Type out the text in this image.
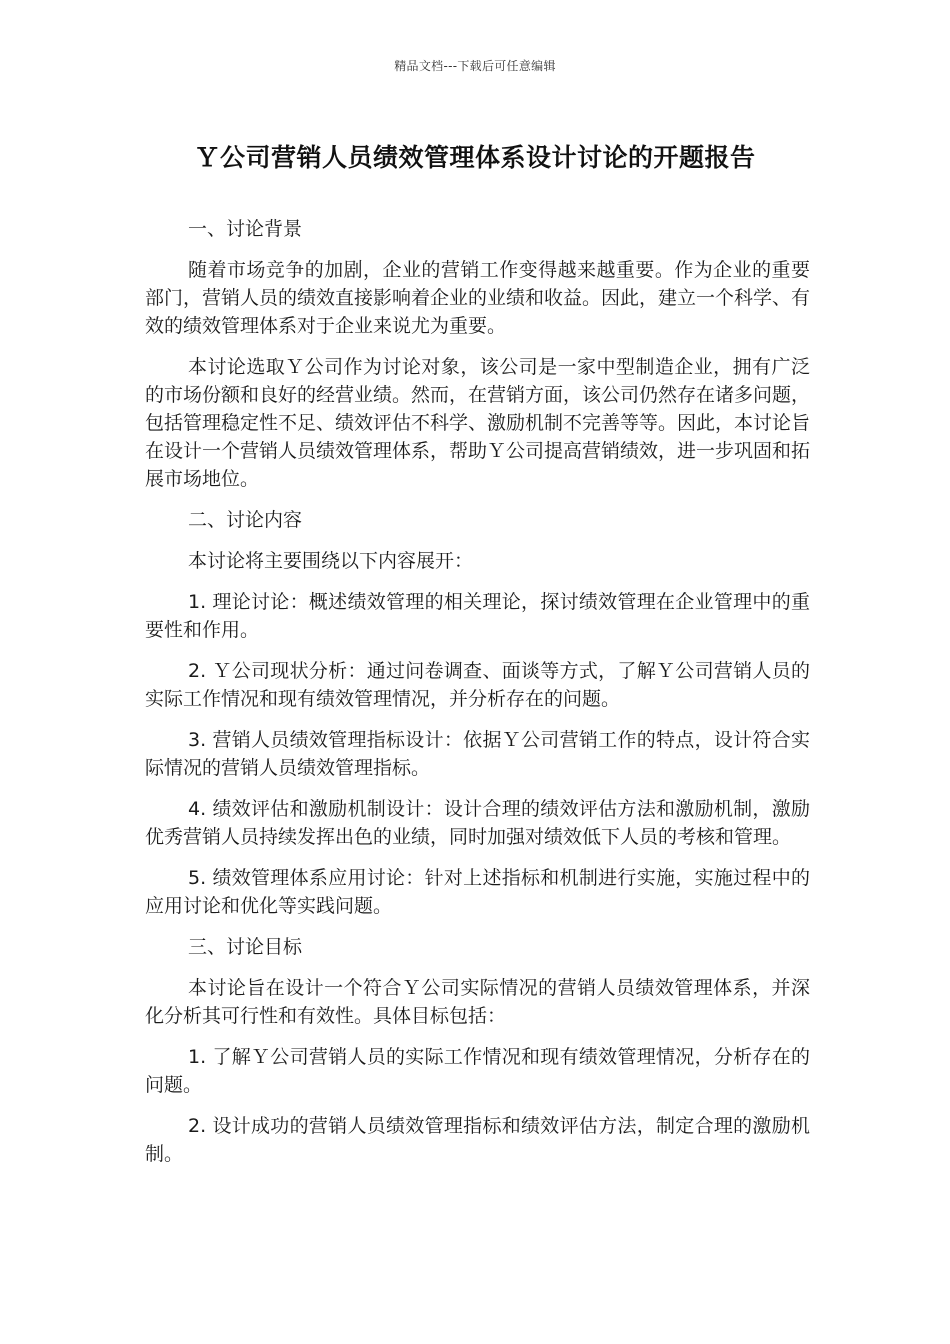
精品文档---下载后可任意编辑
Ｙ公司营销人员绩效管理体系设计讨论的开题报告

一、讨论背景

随着市场竞争的加剧，企业的营销工作变得越来越重要。作为企业的重要部门，营销人员的绩效直接影响着企业的业绩和收益。因此，建立一个科学、有效的绩效管理体系对于企业来说尤为重要。

本讨论选取Ｙ公司作为讨论对象，该公司是一家中型制造企业，拥有广泛的市场份额和良好的经营业绩。然而，在营销方面，该公司仍然存在诸多问题，包括管理稳定性不足、绩效评估不科学、激励机制不完善等等。因此，本讨论旨在设计一个营销人员绩效管理体系，帮助Ｙ公司提高营销绩效，进一步巩固和拓展市场地位。

二、讨论内容

本讨论将主要围绕以下内容展开：

1. 理论讨论：概述绩效管理的相关理论，探讨绩效管理在企业管理中的重要性和作用。

2. Ｙ公司现状分析：通过问卷调查、面谈等方式，了解Ｙ公司营销人员的实际工作情况和现有绩效管理情况，并分析存在的问题。

3. 营销人员绩效管理指标设计：依据Ｙ公司营销工作的特点，设计符合实际情况的营销人员绩效管理指标。

4. 绩效评估和激励机制设计：设计合理的绩效评估方法和激励机制，激励优秀营销人员持续发挥出色的业绩，同时加强对绩效低下人员的考核和管理。

5. 绩效管理体系应用讨论：针对上述指标和机制进行实施，实施过程中的应用讨论和优化等实践问题。

三、讨论目标

本讨论旨在设计一个符合Ｙ公司实际情况的营销人员绩效管理体系，并深化分析其可行性和有效性。具体目标包括：

1. 了解Ｙ公司营销人员的实际工作情况和现有绩效管理情况，分析存在的问题。

2. 设计成功的营销人员绩效管理指标和绩效评估方法，制定合理的激励机制。
